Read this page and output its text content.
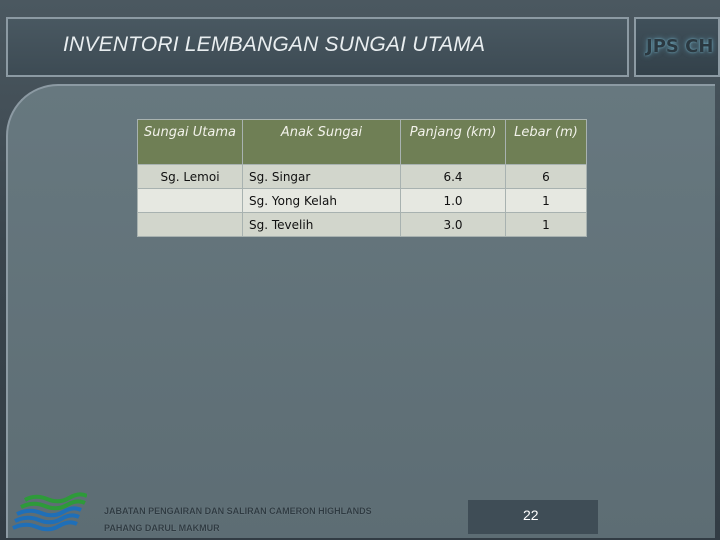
INVENTORI LEMBANGAN SUNGAI UTAMA	JPS CH
Sungai Utama	Anak Sungai	Panjang (km)	Lebar (m)
Sg. Lemoi	Sg. Singar	6.4	6
	Sg. Yong Kelah	1.0	1
	Sg. Tevelih	3.0	1
JABATAN PENGAIRAN DAN SALIRAN CAMERON HIGHLANDS
PAHANG DARUL MAKMUR
22
